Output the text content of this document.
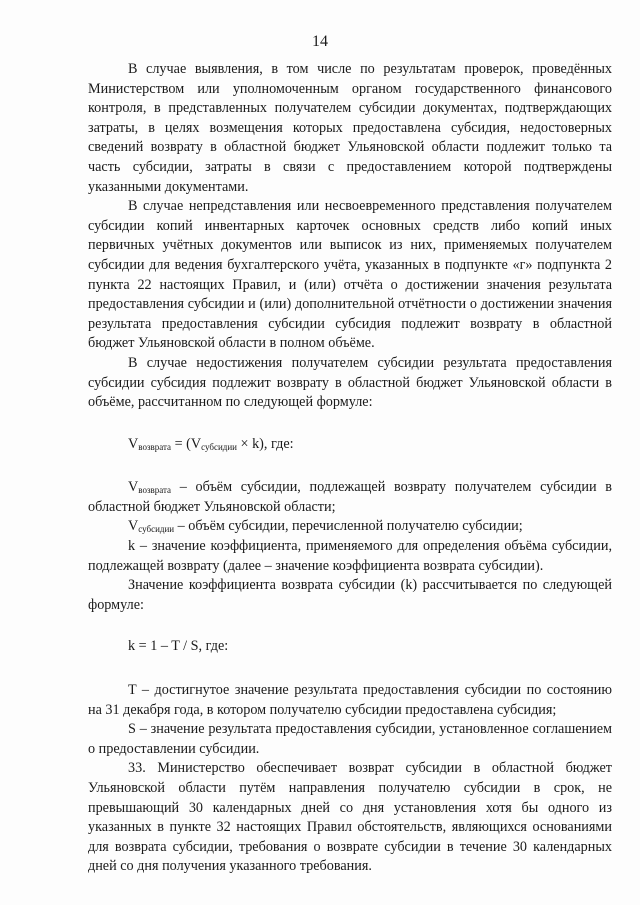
14

В случае выявления, в том числе по результатам проверок, проведённых Министерством или уполномоченным органом государственного финансового контроля, в представленных получателем субсидии документах, подтверждающих затраты, в целях возмещения которых предоставлена субсидия, недостоверных сведений возврату в областной бюджет Ульяновской области подлежит только та часть субсидии, затраты в связи с предоставлением которой подтверждены указанными документами.

В случае непредставления или несвоевременного представления получателем субсидии копий инвентарных карточек основных средств либо копий иных первичных учётных документов или выписок из них, применяемых получателем субсидии для ведения бухгалтерского учёта, указанных в подпункте «г» подпункта 2 пункта 22 настоящих Правил, и (или) отчёта о достижении значения результата предоставления субсидии и (или) дополнительной отчётности о достижении значения результата предоставления субсидии субсидия подлежит возврату в областной бюджет Ульяновской области в полном объёме.

В случае недостижения получателем субсидии результата предоставления субсидии субсидия подлежит возврату в областной бюджет Ульяновской области в объёме, рассчитанном по следующей формуле:

$V_{возврата} = (V_{субсидии} \times k)$, где:

$V_{возврата}$ – объём субсидии, подлежащей возврату получателем субсидии в областной бюджет Ульяновской области;

$V_{субсидии}$ – объём субсидии, перечисленной получателю субсидии;

k – значение коэффициента, применяемого для определения объёма субсидии, подлежащей возврату (далее – значение коэффициента возврата субсидии).

Значение коэффициента возврата субсидии (k) рассчитывается по следующей формуле:

k = 1 – T / S, где:

T – достигнутое значение результата предоставления субсидии по состоянию на 31 декабря года, в котором получателю субсидии предоставлена субсидия;

S – значение результата предоставления субсидии, установленное соглашением о предоставлении субсидии.

33. Министерство обеспечивает возврат субсидии в областной бюджет Ульяновской области путём направления получателю субсидии в срок, не превышающий 30 календарных дней со дня установления хотя бы одного из указанных в пункте 32 настоящих Правил обстоятельств, являющихся основаниями для возврата субсидии, требования о возврате субсидии в течение 30 календарных дней со дня получения указанного требования.
